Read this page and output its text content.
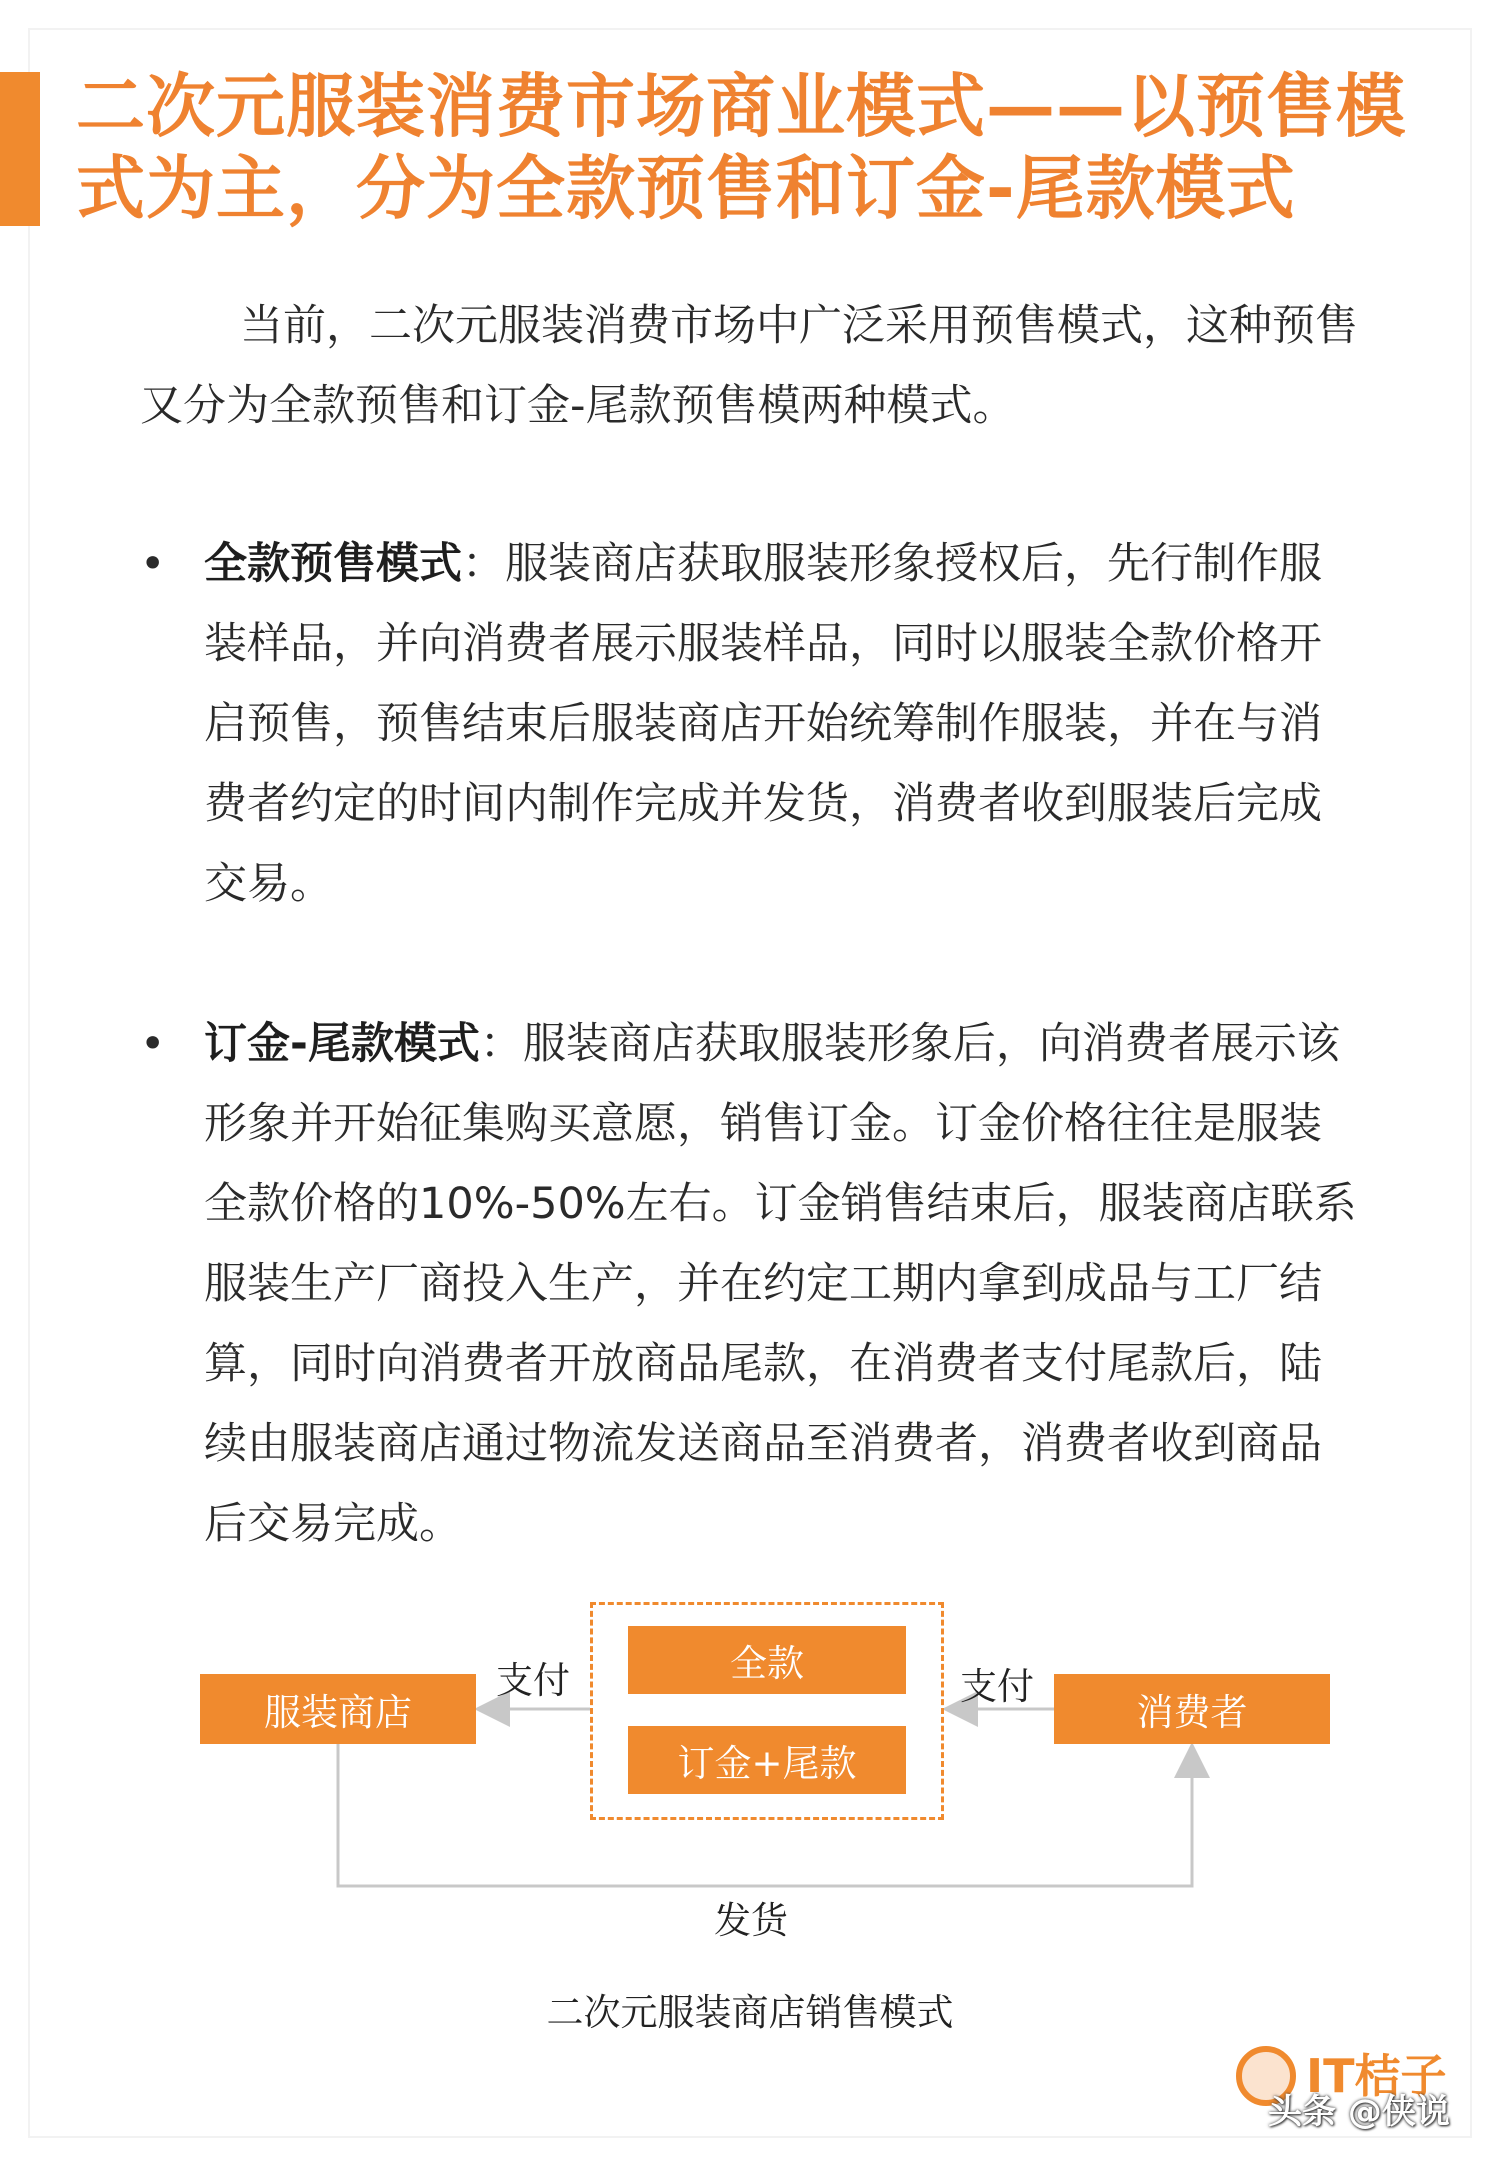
二次元服装消费市场商业模式——以预售模式为主，分为全款预售和订金-尾款模式

当前，二次元服装消费市场中广泛采用预售模式，这种预售又分为全款预售和订金-尾款预售模两种模式。

• 全款预售模式：服装商店获取服装形象授权后，先行制作服装样品，并向消费者展示服装样品，同时以服装全款价格开启预售，预售结束后服装商店开始统筹制作服装，并在与消费者约定的时间内制作完成并发货，消费者收到服装后完成交易。

• 订金-尾款模式：服装商店获取服装形象后，向消费者展示该形象并开始征集购买意愿，销售订金。订金价格往往是服装全款价格的10%-50%左右。订金销售结束后，服装商店联系服装生产厂商投入生产，并在约定工期内拿到成品与工厂结算，同时向消费者开放商品尾款，在消费者支付尾款后，陆续由服装商店通过物流发送商品至消费者，消费者收到商品后交易完成。

全款
订金+尾款
服装商店	消费者
支付	支付
发货
二次元服装商店销售模式
IT桔子
头条 @侠说
